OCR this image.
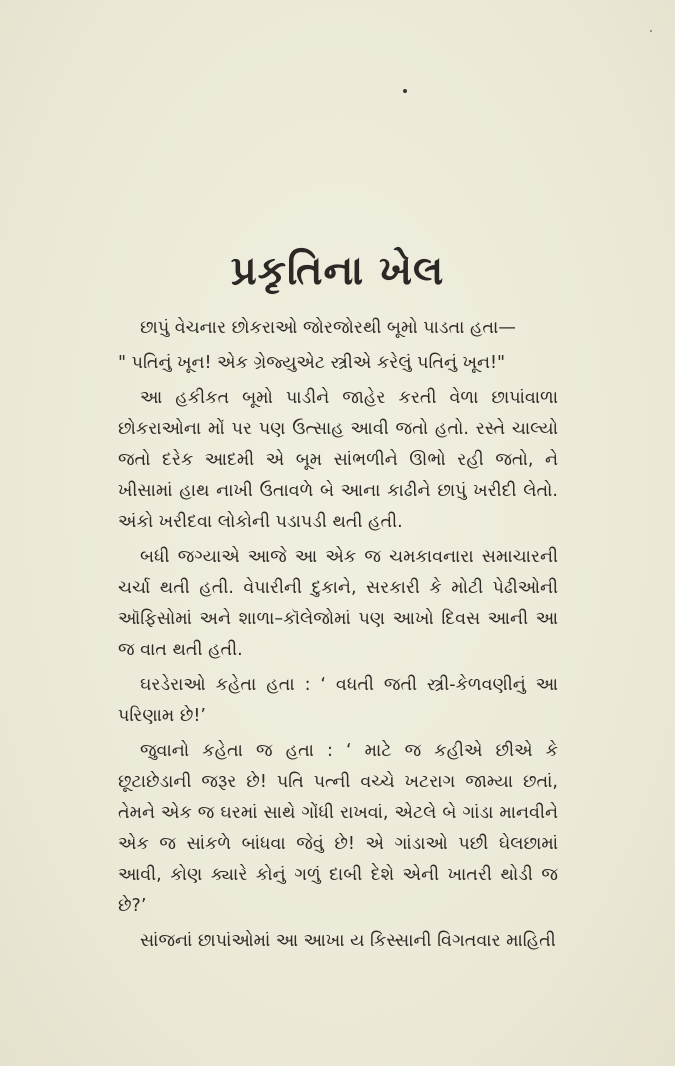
પ્રકૃતિના ખેલ

છાપું વેચનાર છોકરાઓ જોરજોરથી બૂમો પાડતા હતા—

" પતિનું ખૂન! એક ગ્રેજ્યુએટ સ્ત્રીએ કરેલું પતિનું ખૂન!"

આ હકીકત બૂમો પાડીને જાહેર કરતી વેળા છાપાંવાળા છોકરાઓના મોં પર પણ ઉત્સાહ આવી જતો હતો. રસ્તે ચાલ્યો જતો દરેક આદમી એ બૂમ સાંભળીને ઊભો રહી જતો, ને ખીસામાં હાથ નાખી ઉતાવળે બે આના કાઢીને છાપું ખરીદી લેતો. અંકો ખરીદવા લોકોની પડાપડી થતી હતી.

બધી જગ્યાએ આજે આ એક જ ચમકાવનારા સમાચારની ચર્ચા થતી હતી. વેપારીની દુકાને, સરકારી કે મોટી પેઢીઓની ઑફિસોમાં અને શાળા–કૉલેજોમાં પણ આખો દિવસ આની આ જ વાત થતી હતી.

ઘરડેરાઓ કહેતા હતા : ‘ વધતી જતી સ્ત્રી-કેળવણીનું આ પરિણામ છે!’

જુવાનો કહેતા જ હતા : ‘ માટે જ કહીએ છીએ કે છૂટાછેડાની જરૂર છે! પતિ પત્ની વચ્ચે ખટરાગ જામ્યા છતાં, તેમને એક જ ઘરમાં સાથે ગોંધી રાખવાં, એટલે બે ગાંડા માનવીને એક જ સાંકળે બાંધવા જેવું છે! એ ગાંડાઓ પછી ઘેલછામાં આવી, કોણ ક્યારે કોનું ગળું દાબી દેશે એની ખાતરી થોડી જ છે?’

સાંજનાં છાપાંઓમાં આ આખા ય કિસ્સાની વિગતવાર માહિતી
